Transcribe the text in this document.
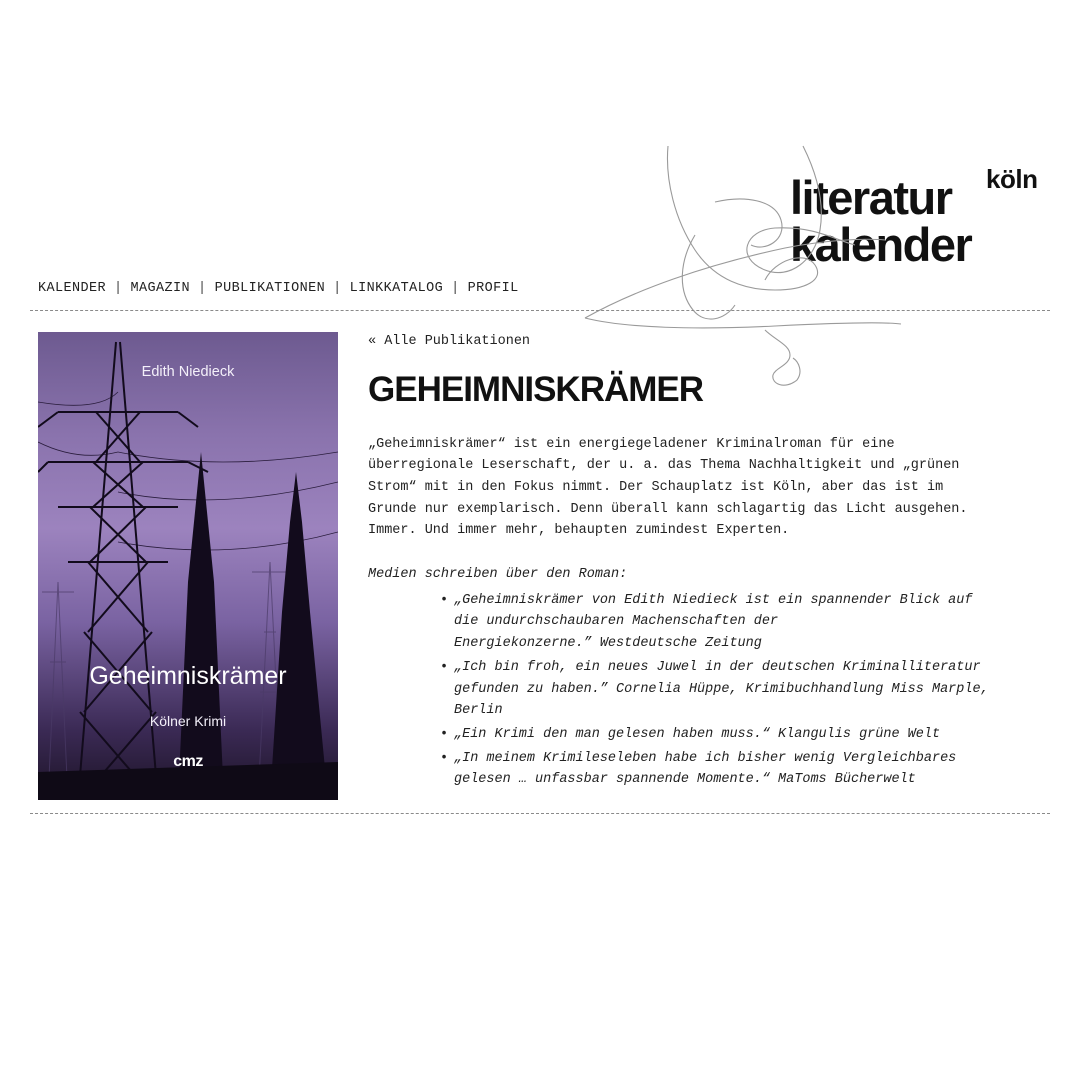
literatur
kalender
köln
KALENDER | MAGAZIN | PUBLIKATIONEN | LINKKATALOG | PROFIL
Edith Niedieck
Geheimniskrämer
Kölner Krimi
cmz
« Alle Publikationen
GEHEIMNISKRÄMER

„Geheimniskrämer“ ist ein energiegeladener Kriminalroman für eine
überregionale Leserschaft, der u. a. das Thema Nachhaltigkeit und „grünen
Strom“ mit in den Fokus nimmt. Der Schauplatz ist Köln, aber das ist im
Grunde nur exemplarisch. Denn überall kann schlagartig das Licht ausgehen.
Immer. Und immer mehr, behaupten zumindest Experten.

Medien schreiben über den Roman:

• „Geheimniskrämer von Edith Niedieck ist ein spannender Blick auf
die undurchschaubaren Machenschaften der
Energiekonzerne.” Westdeutsche Zeitung
• „Ich bin froh, ein neues Juwel in der deutschen Kriminalliteratur
gefunden zu haben.” Cornelia Hüppe, Krimibuchhandlung Miss Marple,
Berlin
• „Ein Krimi den man gelesen haben muss.“ Klangulis grüne Welt
• „In meinem Krimileseleben habe ich bisher wenig Vergleichbares
gelesen … unfassbar spannende Momente.“ MaToms Bücherwelt
